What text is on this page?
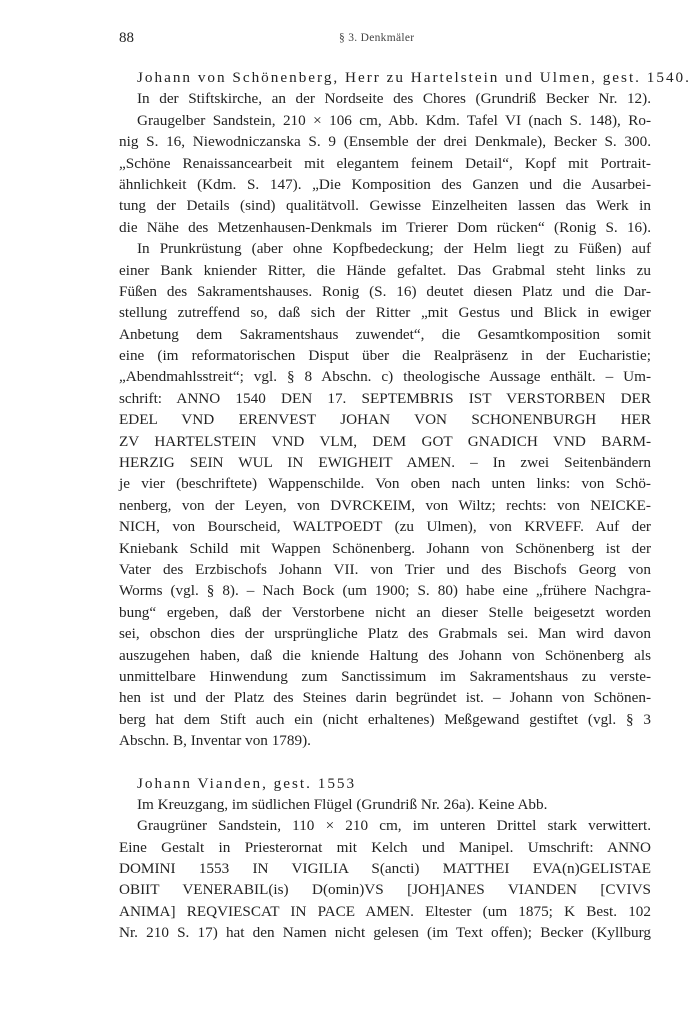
88	§ 3. Denkmäler
Johann von Schönenberg, Herr zu Hartelstein und Ulmen, gest. 1540.
In der Stiftskirche, an der Nordseite des Chores (Grundriß Becker Nr. 12).
Graugelber Sandstein, 210 × 106 cm, Abb. Kdm. Tafel VI (nach S. 148), Ro-
nig S. 16, Niewodniczanska S. 9 (Ensemble der drei Denkmale), Becker S. 300.
„Schöne Renaissancearbeit mit elegantem feinem Detail“, Kopf mit Portrait-
ähnlichkeit (Kdm. S. 147). „Die Komposition des Ganzen und die Ausarbei-
tung der Details (sind) qualitätvoll. Gewisse Einzelheiten lassen das Werk in
die Nähe des Metzenhausen-Denkmals im Trierer Dom rücken“ (Ronig S. 16).
In Prunkrüstung (aber ohne Kopfbedeckung; der Helm liegt zu Füßen) auf
einer Bank kniender Ritter, die Hände gefaltet. Das Grabmal steht links zu
Füßen des Sakramentshauses. Ronig (S. 16) deutet diesen Platz und die Dar-
stellung zutreffend so, daß sich der Ritter „mit Gestus und Blick in ewiger
Anbetung dem Sakramentshaus zuwendet“, die Gesamtkomposition somit
eine (im reformatorischen Disput über die Realpräsenz in der Eucharistie;
„Abendmahlsstreit“; vgl. § 8 Abschn. c) theologische Aussage enthält. – Um-
schrift: ANNO 1540 DEN 17. SEPTEMBRIS IST VERSTORBEN DER
EDEL VND ERENVEST JOHAN VON SCHONENBURGH HER
ZV HARTELSTEIN VND VLM, DEM GOT GNADICH VND BARM-
HERZIG SEIN WUL IN EWIGHEIT AMEN. – In zwei Seitenbändern
je vier (beschriftete) Wappenschilde. Von oben nach unten links: von Schö-
nenberg, von der Leyen, von DVRCKEIM, von Wiltz; rechts: von NEICKE-
NICH, von Bourscheid, WALTPOEDT (zu Ulmen), von KRVEFF. Auf der
Kniebank Schild mit Wappen Schönenberg. Johann von Schönenberg ist der
Vater des Erzbischofs Johann VII. von Trier und des Bischofs Georg von
Worms (vgl. § 8). – Nach Bock (um 1900; S. 80) habe eine „frühere Nachgra-
bung“ ergeben, daß der Verstorbene nicht an dieser Stelle beigesetzt worden
sei, obschon dies der ursprüngliche Platz des Grabmals sei. Man wird davon
auszugehen haben, daß die kniende Haltung des Johann von Schönenberg als
unmittelbare Hinwendung zum Sanctissimum im Sakramentshaus zu verste-
hen ist und der Platz des Steines darin begründet ist. – Johann von Schönen-
berg hat dem Stift auch ein (nicht erhaltenes) Meßgewand gestiftet (vgl. § 3
Abschn. B, Inventar von 1789).
Johann Vianden, gest. 1553
Im Kreuzgang, im südlichen Flügel (Grundriß Nr. 26a). Keine Abb.
Graugrüner Sandstein, 110 × 210 cm, im unteren Drittel stark verwittert.
Eine Gestalt in Priesterornat mit Kelch und Manipel. Umschrift: ANNO
DOMINI 1553 IN VIGILIA S(ancti) MATTHEI EVA(n)GELISTAE
OBIIT VENERABIL(is) D(omin)VS [JOH]ANES VIANDEN [CVIVS
ANIMA] REQVIESCAT IN PACE AMEN. Eltester (um 1875; K Best. 102
Nr. 210 S. 17) hat den Namen nicht gelesen (im Text offen); Becker (Kyllburg
